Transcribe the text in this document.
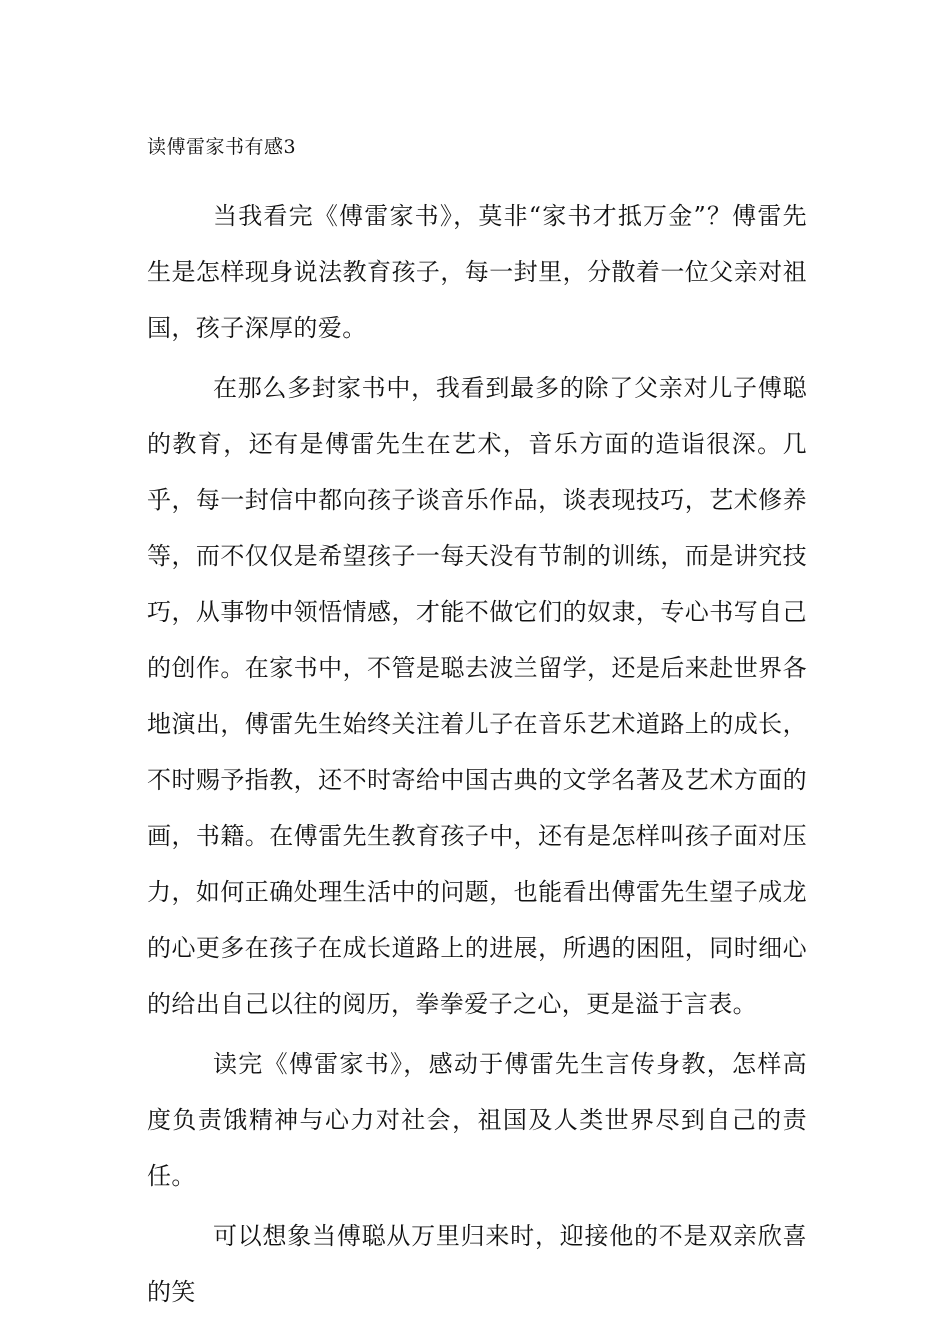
读傅雷家书有感3

当我看完《傅雷家书》，莫非“家书才抵万金”？傅雷先生是怎样现身说法教育孩子，每一封里，分散着一位父亲对祖国，孩子深厚的爱。

在那么多封家书中，我看到最多的除了父亲对儿子傅聪的教育，还有是傅雷先生在艺术，音乐方面的造诣很深。几乎，每一封信中都向孩子谈音乐作品，谈表现技巧，艺术修养等，而不仅仅是希望孩子一每天没有节制的训练，而是讲究技巧，从事物中领悟情感，才能不做它们的奴隶，专心书写自己的创作。在家书中，不管是聪去波兰留学，还是后来赴世界各地演出，傅雷先生始终关注着儿子在音乐艺术道路上的成长，不时赐予指教，还不时寄给中国古典的文学名著及艺术方面的画，书籍。在傅雷先生教育孩子中，还有是怎样叫孩子面对压力，如何正确处理生活中的问题，也能看出傅雷先生望子成龙的心更多在孩子在成长道路上的进展，所遇的困阻，同时细心的给出自己以往的阅历，拳拳爱子之心，更是溢于言表。

读完《傅雷家书》，感动于傅雷先生言传身教，怎样高度负责饿精神与心力对社会，祖国及人类世界尽到自己的责任。

可以想象当傅聪从万里归来时，迎接他的不是双亲欣喜的笑
